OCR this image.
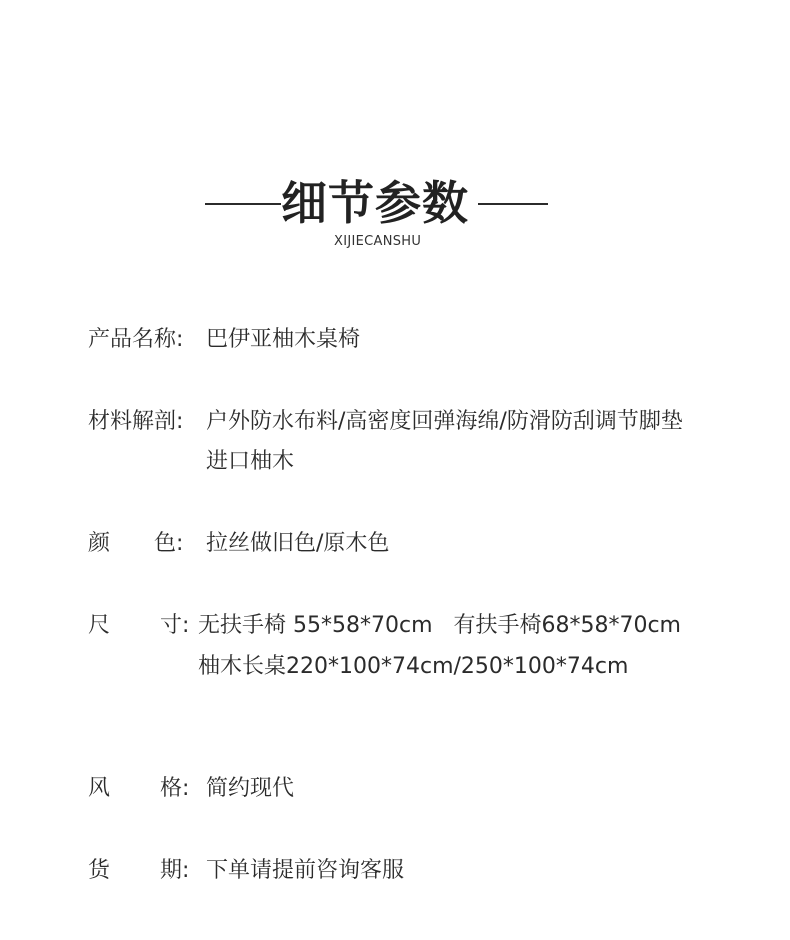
细节参数
XIJIECANSHU
产品名称: 巴伊亚柚木桌椅
材料解剖: 户外防水布料/高密度回弹海绵/防滑防刮调节脚垫
进口柚木
颜 色: 拉丝做旧色/原木色
尺 寸: 无扶手椅 55*58*70cm   有扶手椅68*58*70cm
柚木长桌220*100*74cm/250*100*74cm
风 格: 简约现代
货 期: 下单请提前咨询客服
